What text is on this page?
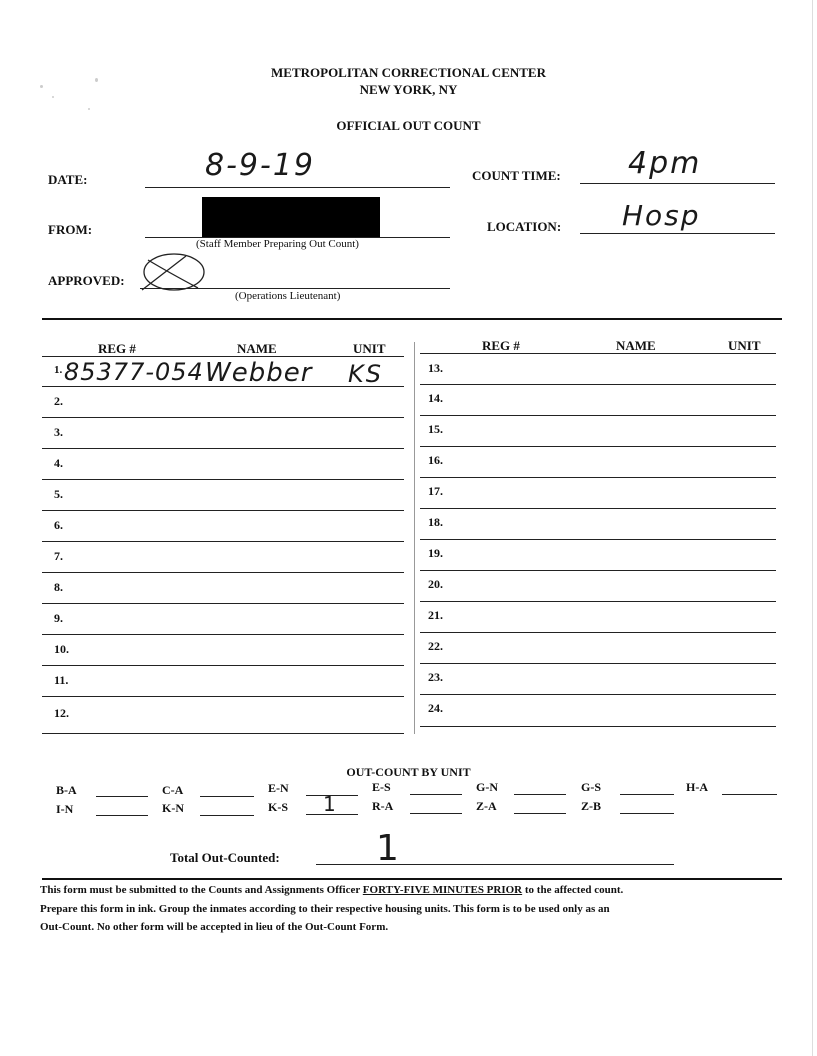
METROPOLITAN CORRECTIONAL CENTER
NEW YORK, NY
OFFICIAL OUT COUNT
DATE:	8-9-19	COUNT TIME: 4pm
FROM:
(Staff Member Preparing Out Count)
LOCATION: Hosp
APPROVED:
(Operations Lieutenant)
REG #	NAME	UNIT	REG #	NAME	UNIT
1. 85377-054 Webber KS
2.
3.
4.
5.
6.
7.
8.
9.
10.
11.
12.
13.
14.
15.
16.
17.
18.
19.
20.
21.
22.
23.
24.
OUT-COUNT BY UNIT
B-A	C-A	E-N	E-S	G-N	G-S	H-A
I-N	K-N	K-S 1	R-A	Z-A	Z-B
Total Out-Counted:	1
This form must be submitted to the Counts and Assignments Officer FORTY-FIVE MINUTES PRIOR to the affected count.
Prepare this form in ink. Group the inmates according to their respective housing units. This form is to be used only as an
Out-Count. No other form will be accepted in lieu of the Out-Count Form.
